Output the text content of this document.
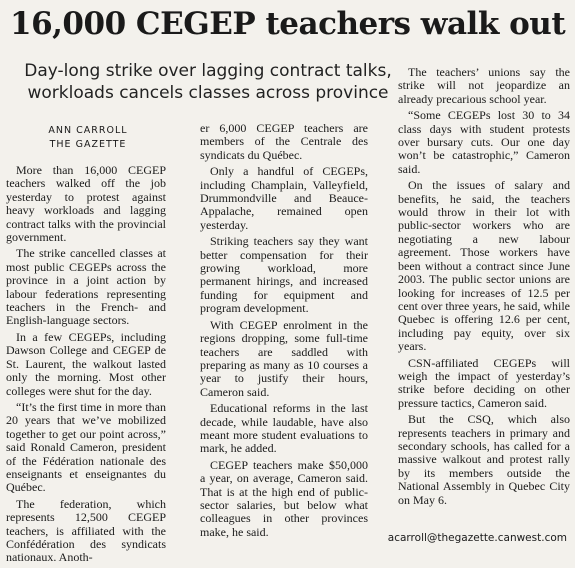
16,000 CEGEP teachers walk out
Day-long strike over lagging contract talks,
workloads cancels classes across province
ANN CARROLL
THE GAZETTE

More than 16,000 CEGEP teachers walked off the job yesterday to protest against heavy workloads and lagging contract talks with the provincial government.

The strike cancelled classes at most public CEGEPs across the province in a joint action by labour federations representing teachers in the French- and English-language sectors.

In a few CEGEPs, including Dawson College and CEGEP de St. Laurent, the walkout lasted only the morning. Most other colleges were shut for the day.

“It’s the first time in more than 20 years that we’ve mobilized together to get our point across,” said Ronald Cameron, president of the Fédération nationale des enseignants et enseignantes du Québec.

The federation, which represents 12,500 CEGEP teachers, is affiliated with the Confédération des syndicats nationaux. Anoth-

er 6,000 CEGEP teachers are members of the Centrale des syndicats du Québec.

Only a handful of CEGEPs, including Champlain, Valleyfield, Drummondville and Beauce-Appalache, remained open yesterday.

Striking teachers say they want better compensation for their growing workload, more permanent hirings, and increased funding for equipment and program development.

With CEGEP enrolment in the regions dropping, some full-time teachers are saddled with preparing as many as 10 courses a year to justify their hours, Cameron said.

Educational reforms in the last decade, while laudable, have also meant more student evaluations to mark, he added.

CEGEP teachers make $50,000 a year, on average, Cameron said. That is at the high end of public-sector salaries, but below what colleagues in other provinces make, he said.

The teachers’ unions say the strike will not jeopardize an already precarious school year.

“Some CEGEPs lost 30 to 34 class days with student protests over bursary cuts. Our one day won’t be catastrophic,” Cameron said.

On the issues of salary and benefits, he said, the teachers would throw in their lot with public-sector workers who are negotiating a new labour agreement. Those workers have been without a contract since June 2003. The public sector unions are looking for increases of 12.5 per cent over three years, he said, while Quebec is offering 12.6 per cent, including pay equity, over six years.

CSN-affiliated CEGEPs will weigh the impact of yesterday’s strike before deciding on other pressure tactics, Cameron said.

But the CSQ, which also represents teachers in primary and secondary schools, has called for a massive walkout and protest rally by its members outside the National Assembly in Quebec City on May 6.

acarroll@thegazette.canwest.com
